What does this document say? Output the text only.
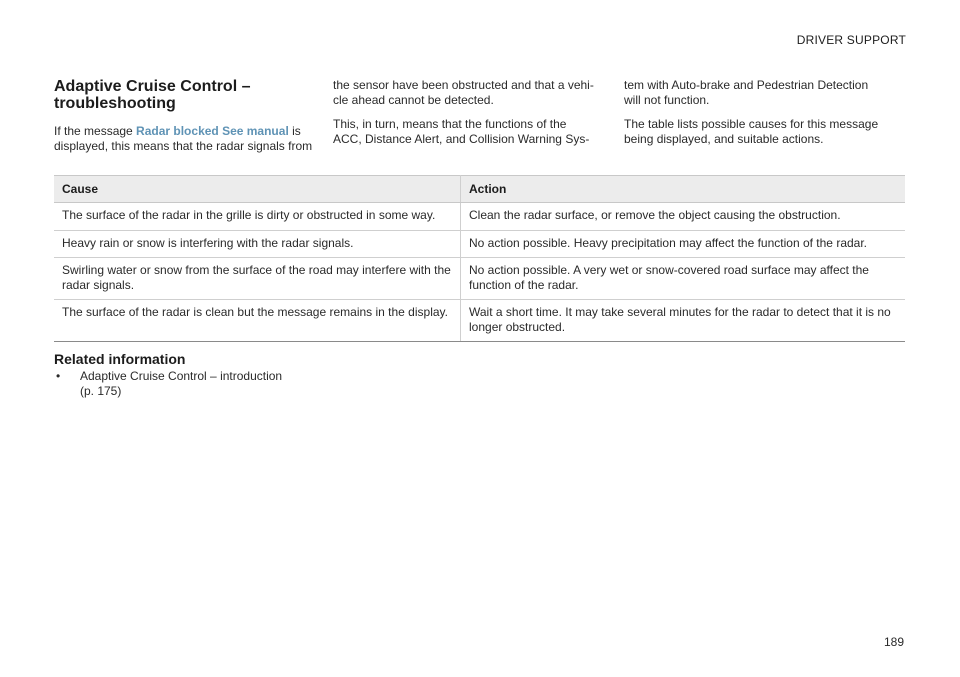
DRIVER SUPPORT
Adaptive Cruise Control –
troubleshooting
If the message Radar blocked See manual is
displayed, this means that the radar signals from

the sensor have been obstructed and that a vehi-
cle ahead cannot be detected.

This, in turn, means that the functions of the
ACC, Distance Alert, and Collision Warning Sys-

tem with Auto-brake and Pedestrian Detection
will not function.

The table lists possible causes for this message
being displayed, and suitable actions.

Cause	Action
The surface of the radar in the grille is dirty or obstructed in some way.	Clean the radar surface, or remove the object causing the obstruction.
Heavy rain or snow is interfering with the radar signals.	No action possible. Heavy precipitation may affect the function of the radar.
Swirling water or snow from the surface of the road may interfere with the radar signals.	No action possible. A very wet or snow-covered road surface may affect the function of the radar.
The surface of the radar is clean but the message remains in the display.	Wait a short time. It may take several minutes for the radar to detect that it is no longer obstructed.
Related information
•	Adaptive Cruise Control – introduction
(p. 175)
189
